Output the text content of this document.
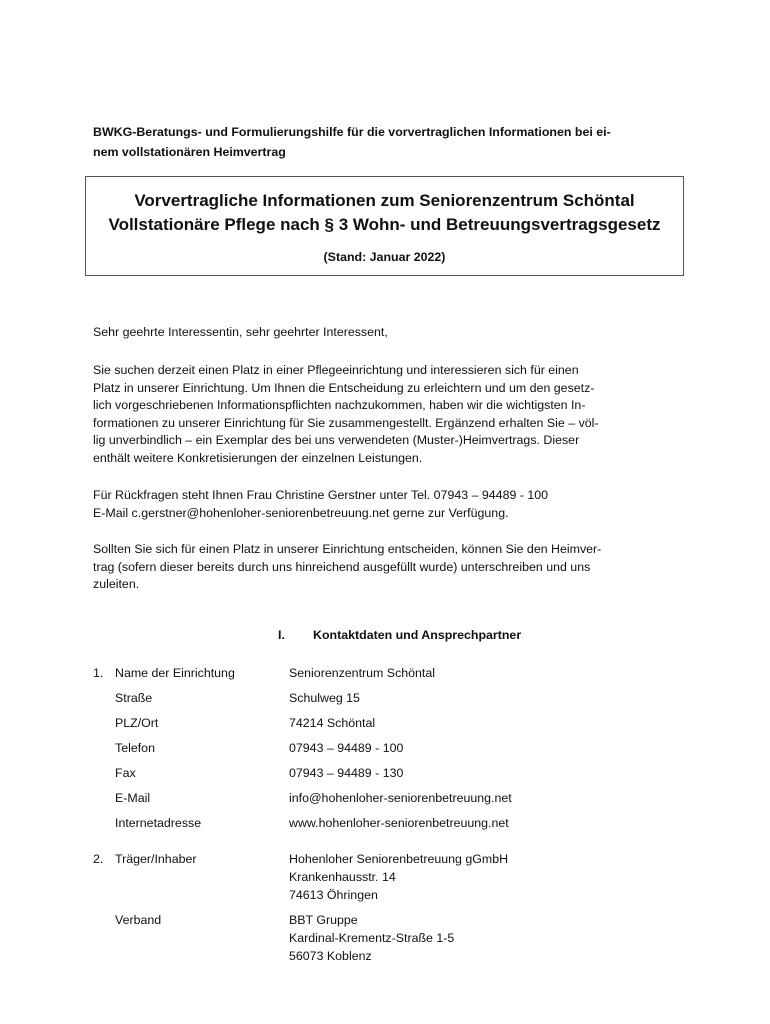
BWKG-Beratungs- und Formulierungshilfe für die vorvertraglichen Informationen bei ei-
nem vollstationären Heimvertrag
Vorvertragliche Informationen zum Seniorenzentrum Schöntal
Vollstationäre Pflege nach § 3 Wohn- und Betreuungsvertragsgesetz
(Stand: Januar 2022)
Sehr geehrte Interessentin, sehr geehrter Interessent,
Sie suchen derzeit einen Platz in einer Pflegeeinrichtung und interessieren sich für einen
Platz in unserer Einrichtung. Um Ihnen die Entscheidung zu erleichtern und um den gesetz-
lich vorgeschriebenen Informationspflichten nachzukommen, haben wir die wichtigsten In-
formationen zu unserer Einrichtung für Sie zusammengestellt. Ergänzend erhalten Sie – völ-
lig unverbindlich – ein Exemplar des bei uns verwendeten (Muster-)Heimvertrags. Dieser
enthält weitere Konkretisierungen der einzelnen Leistungen.
Für Rückfragen steht Ihnen Frau Christine Gerstner unter Tel. 07943 – 94489 - 100
E-Mail c.gerstner@hohenloher-seniorenbetreuung.net gerne zur Verfügung.
Sollten Sie sich für einen Platz in unserer Einrichtung entscheiden, können Sie den Heimver-
trag (sofern dieser bereits durch uns hinreichend ausgefüllt wurde) unterschreiben und uns
zuleiten.
I. Kontaktdaten und Ansprechpartner
1. Name der Einrichtung	Seniorenzentrum Schöntal
Straße	Schulweg 15
PLZ/Ort	74214 Schöntal
Telefon	07943 – 94489 - 100
Fax	07943 – 94489 - 130
E-Mail	info@hohenloher-seniorenbetreuung.net
Internetadresse	www.hohenloher-seniorenbetreuung.net
2. Träger/Inhaber	Hohenloher Seniorenbetreuung gGmbH
Krankenhausstr. 14
74613 Öhringen
Verband	BBT Gruppe
Kardinal-Krementz-Straße 1-5
56073 Koblenz
